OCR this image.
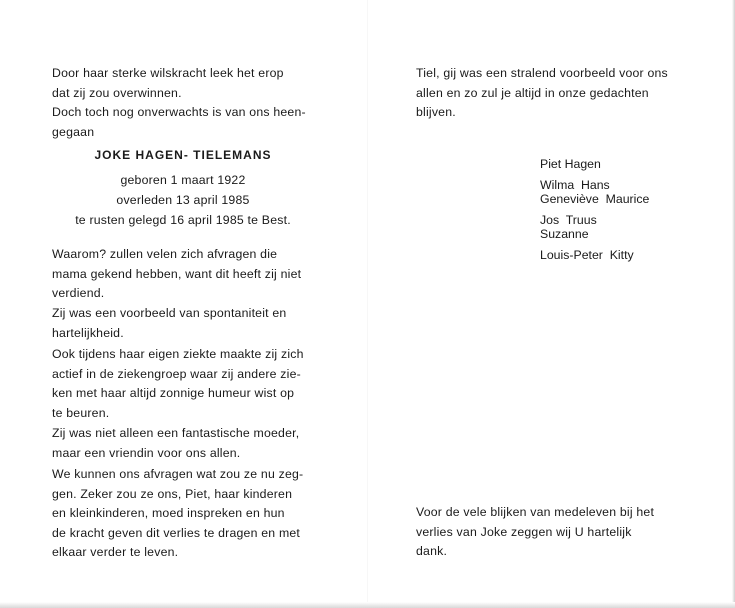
Door haar sterke wilskracht leek het erop

dat zij zou overwinnen.

Doch toch nog onverwachts is van ons heen-

gegaan

JOKE HAGEN- TIELEMANS

geboren 1 maart 1922

overleden 13 april 1985

te rusten gelegd 16 april 1985 te Best.

Waarom? zullen velen zich afvragen die

mama gekend hebben, want dit heeft zij niet

verdiend.

Zij was een voorbeeld van spontaniteit en

hartelijkheid.

Ook tijdens haar eigen ziekte maakte zij zich

actief in de ziekengroep waar zij andere zie-

ken met haar altijd zonnige humeur wist op

te beuren.

Zij was niet alleen een fantastische moeder,

maar een vriendin voor ons allen.

We kunnen ons afvragen wat zou ze nu zeg-

gen. Zeker zou ze ons, Piet, haar kinderen

en kleinkinderen, moed inspreken en hun

de kracht geven dit verlies te dragen en met

elkaar verder te leven.

Tiel, gij was een stralend voorbeeld voor ons

allen en zo zul je altijd in onze gedachten

blijven.

Piet Hagen
Wilma  Hans
Geneviève  Maurice
Jos  Truus
Suzanne
Louis-Peter  Kitty

Voor de vele blijken van medeleven bij het

verlies van Joke zeggen wij U hartelijk

dank.
